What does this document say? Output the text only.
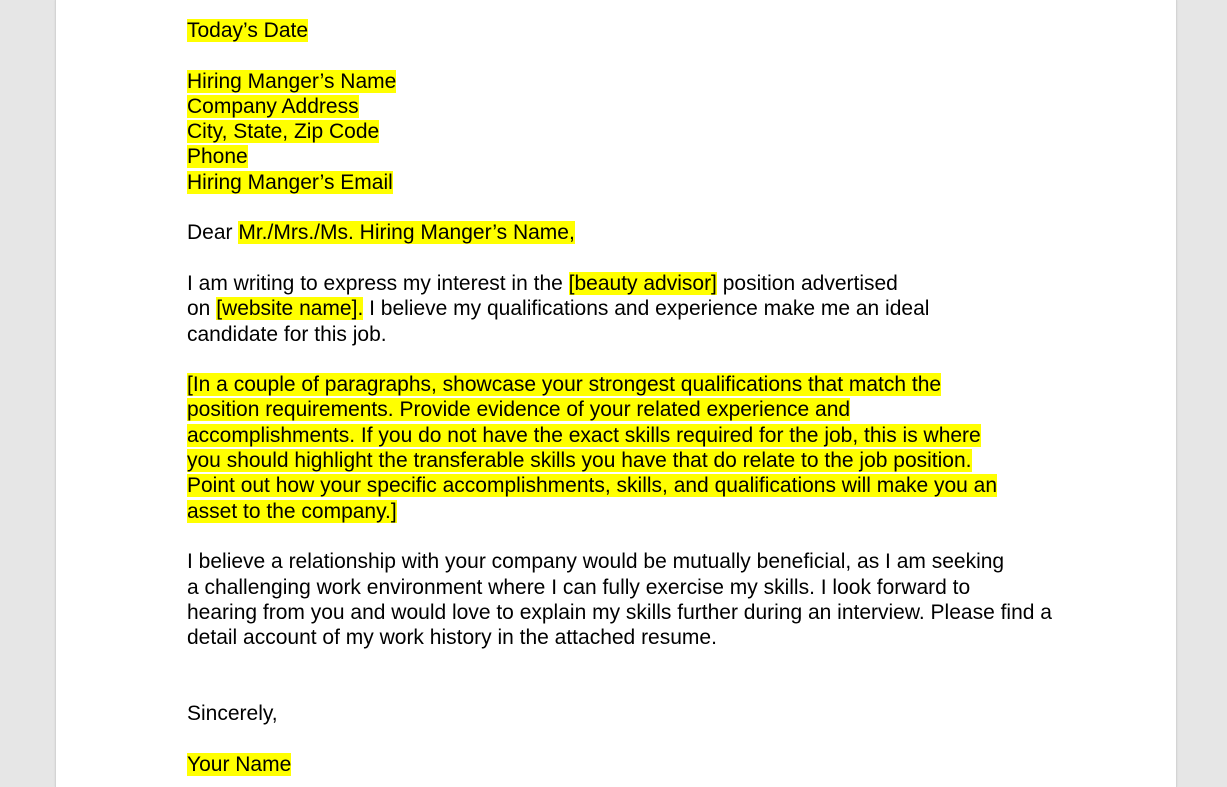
Today’s Date
Hiring Manger’s Name
Company Address
City, State, Zip Code
Phone
Hiring Manger’s Email
Dear Mr./Mrs./Ms. Hiring Manger’s Name,
I am writing to express my interest in the [beauty advisor] position advertised
on [website name]. I believe my qualifications and experience make me an ideal
candidate for this job.
[In a couple of paragraphs, showcase your strongest qualifications that match the
position requirements. Provide evidence of your related experience and
accomplishments. If you do not have the exact skills required for the job, this is where
you should highlight the transferable skills you have that do relate to the job position.
Point out how your specific accomplishments, skills, and qualifications will make you an
asset to the company.]
I believe a relationship with your company would be mutually beneficial, as I am seeking
a challenging work environment where I can fully exercise my skills. I look forward to
hearing from you and would love to explain my skills further during an interview. Please find a
detail account of my work history in the attached resume.
Sincerely,
Your Name
